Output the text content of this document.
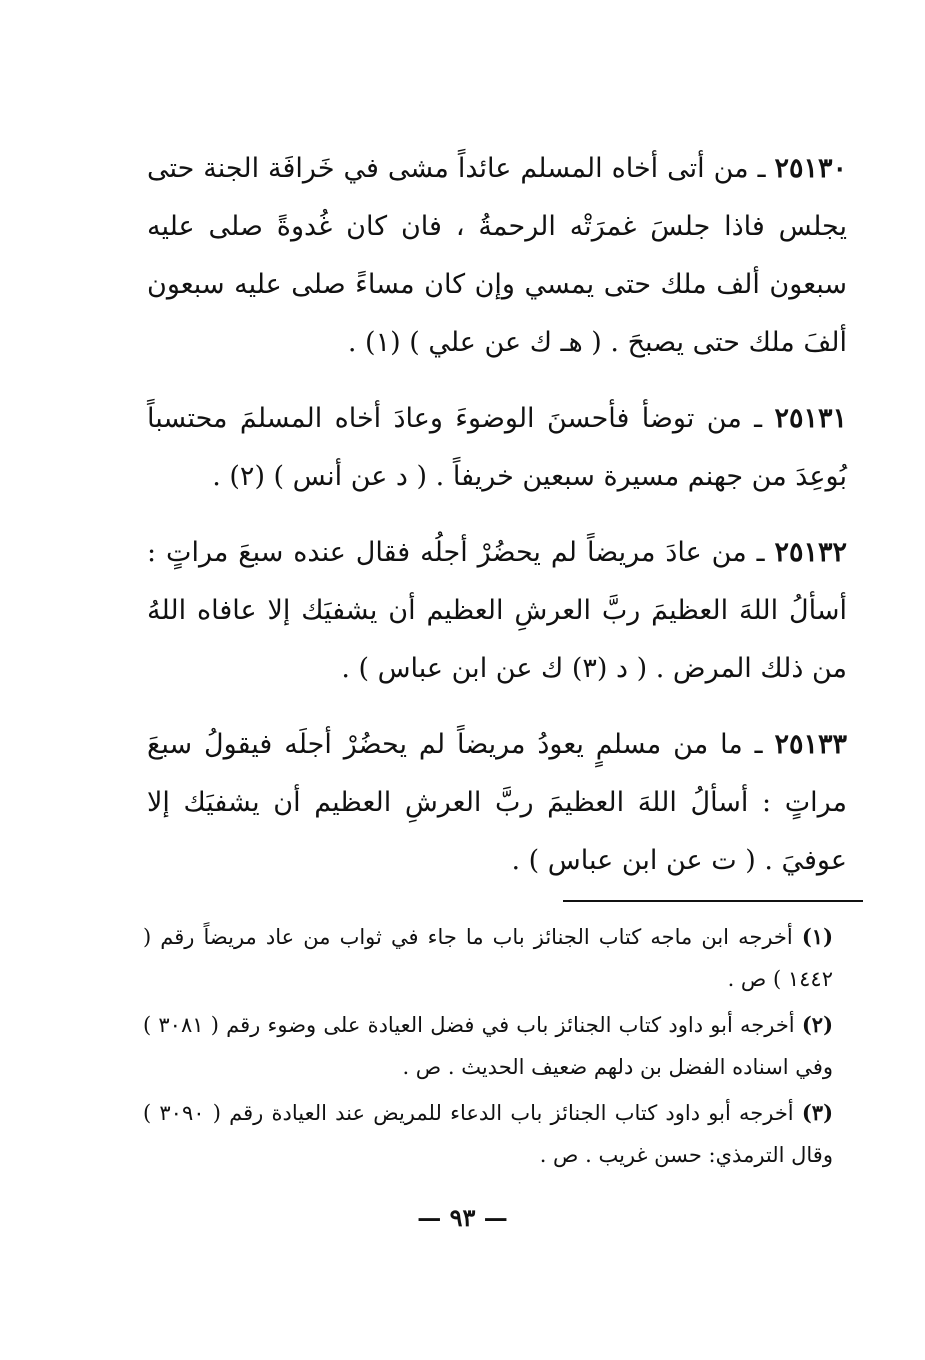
٢٥١٣٠ ـ من أتى أخاه المسلم عائداً مشى في خَرافَة الجنة حتى يجلس فاذا جلسَ غمرَتْه الرحمةُ ، فان كان غُدوةً صلى عليه سبعون ألف ملك حتى يمسي وإن كان مساءً صلى عليه سبعون ألفَ ملك حتى يصبحَ . ( هـ ك عن علي ) (١) .

٢٥١٣١ ـ من توضأ فأحسنَ الوضوءَ وعادَ أخاه المسلمَ محتسباً بُوعِدَ من جهنم مسيرة سبعين خريفاً . ( د عن أنس ) (٢) .

٢٥١٣٢ ـ من عادَ مريضاً لم يحضُرْ أجلُه فقال عنده سبعَ مراتٍ : أسألُ اللهَ العظيمَ ربَّ العرشِ العظيم أن يشفيَك إلا عافاه اللهُ من ذلك المرض . ( د (٣) ك عن ابن عباس ) .

٢٥١٣٣ ـ ما من مسلمٍ يعودُ مريضاً لم يحضُرْ أجلَه فيقولُ سبعَ مراتٍ : أسألُ اللهَ العظيمَ ربَّ العرشِ العظيم أن يشفيَك إلا عوفيَ . ( ت عن ابن عباس ) .

(١) أخرجه ابن ماجه كتاب الجنائز باب ما جاء في ثواب من عاد مريضاً رقم ( ١٤٤٢ ) ص .

(٢) أخرجه أبو داود كتاب الجنائز باب في فضل العيادة على وضوء رقم ( ٣٠٨١ ) وفي اسناده الفضل بن دلهم ضعيف الحديث . ص .

(٣) أخرجه أبو داود كتاب الجنائز باب الدعاء للمريض عند العيادة رقم ( ٣٠٩٠ ) وقال الترمذي: حسن غريب . ص .

— ٩٣ —
